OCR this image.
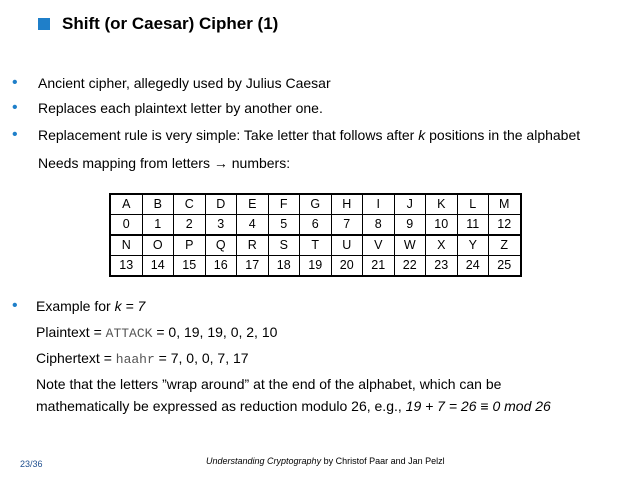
Shift (or Caesar) Cipher (1)
• Ancient cipher, allegedly used by Julius Caesar
• Replaces each plaintext letter by another one.
• Replacement rule is very simple: Take letter that follows after k positions in the alphabet
Needs mapping from letters → numbers:
A	B	C	D	E	F	G	H	I	J	K	L	M
0	1	2	3	4	5	6	7	8	9	10	11	12
N	O	P	Q	R	S	T	U	V	W	X	Y	Z
13	14	15	16	17	18	19	20	21	22	23	24	25
• Example for k = 7
Plaintext = ATTACK = 0, 19, 19, 0, 2, 10
Ciphertext = haahr = 7, 0, 0, 7, 17
Note that the letters ”wrap around” at the end of the alphabet, which can be
mathematically be expressed as reduction modulo 26, e.g., 19 + 7 = 26 ≡ 0 mod 26
23/36	Understanding Cryptography by Christof Paar and Jan Pelzl
